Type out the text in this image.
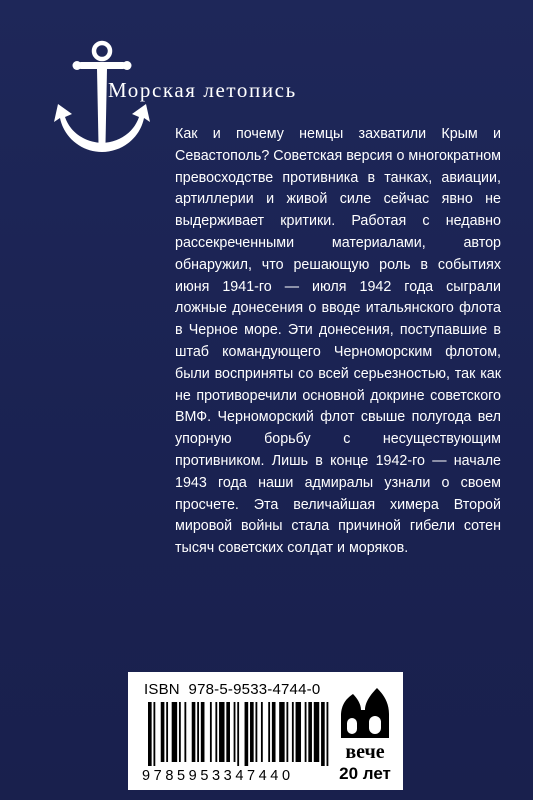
Морская летопись

Как и почему немцы захватили Крым и Севастополь? Советская версия о многократном превосходстве противника в танках, авиации, артиллерии и живой силе сейчас явно не выдерживает критики. Работая с недавно рассекреченными материалами, автор обнаружил, что решающую роль в событиях июня 1941-го — июля 1942 года сыграли ложные донесения о вводе итальянского флота в Черное море. Эти донесения, поступавшие в штаб командующего Черноморским флотом, были восприняты со всей серьезностью, так как не противоречили основной докрине советского ВМФ. Черноморский флот свыше полугода вел упорную борьбу с несуществующим противником. Лишь в конце 1942-го — начале 1943 года наши адмиралы узнали о своем просчете. Эта величайшая химера Второй мировой войны стала причиной гибели сотен тысяч советских солдат и моряков.

ISBN  978-5-9533-4744-0
9785953347440
вече
20 лет
